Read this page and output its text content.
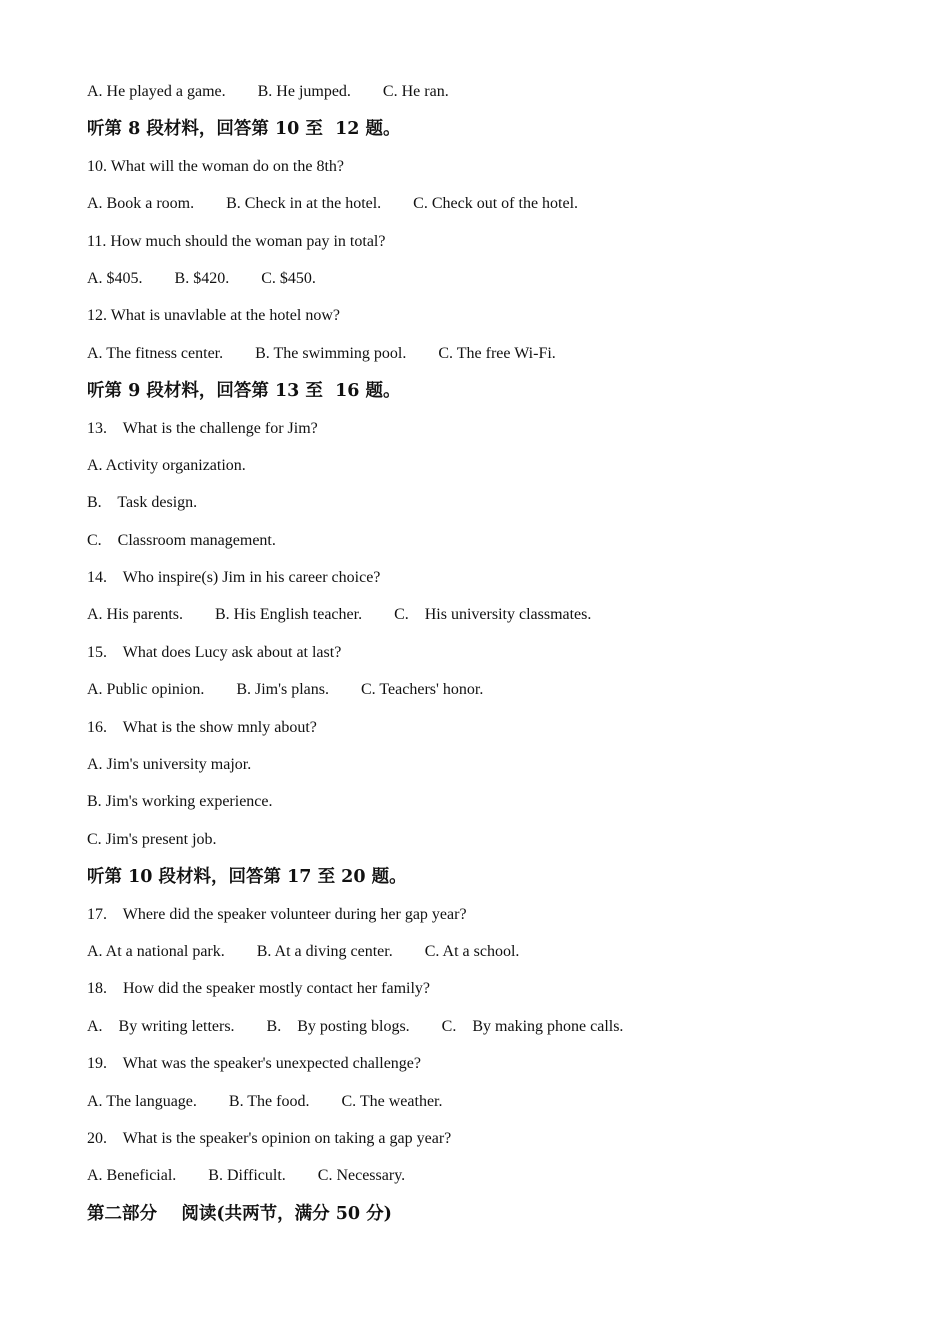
A. He played a game.        B. He jumped.        C. He ran.
听第 8 段材料，回答第 10 至  12 题。
10. What will the woman do on the 8th?
A. Book a room.        B. Check in at the hotel.        C. Check out of the hotel.
11. How much should the woman pay in total?
A. $405.        B. $420.        C. $450.
12. What is unavlable at the hotel now?
A. The fitness center.        B. The swimming pool.        C. The free Wi-Fi.
听第 9 段材料，回答第 13 至  16 题。
13.    What is the challenge for Jim?
A. Activity organization.
B.    Task design.
C.    Classroom management.
14.    Who inspire(s) Jim in his career choice?
A. His parents.        B. His English teacher.        C.    His university classmates.
15.    What does Lucy ask about at last?
A. Public opinion.        B. Jim's plans.        C. Teachers' honor.
16.    What is the show mnly about?
A. Jim's university major.
B. Jim's working experience.
C. Jim's present job.
听第 10 段材料，回答第 17 至 20 题。
17.    Where did the speaker volunteer during her gap year?
A. At a national park.        B. At a diving center.        C. At a school.
18.    How did the speaker mostly contact her family?
A.    By writing letters.        B.    By posting blogs.        C.    By making phone calls.
19.    What was the speaker's unexpected challenge?
A. The language.        B. The food.        C. The weather.
20.    What is the speaker's opinion on taking a gap year?
A. Beneficial.        B. Difficult.        C. Necessary.
第二部分    阅读(共两节，满分 50 分)
